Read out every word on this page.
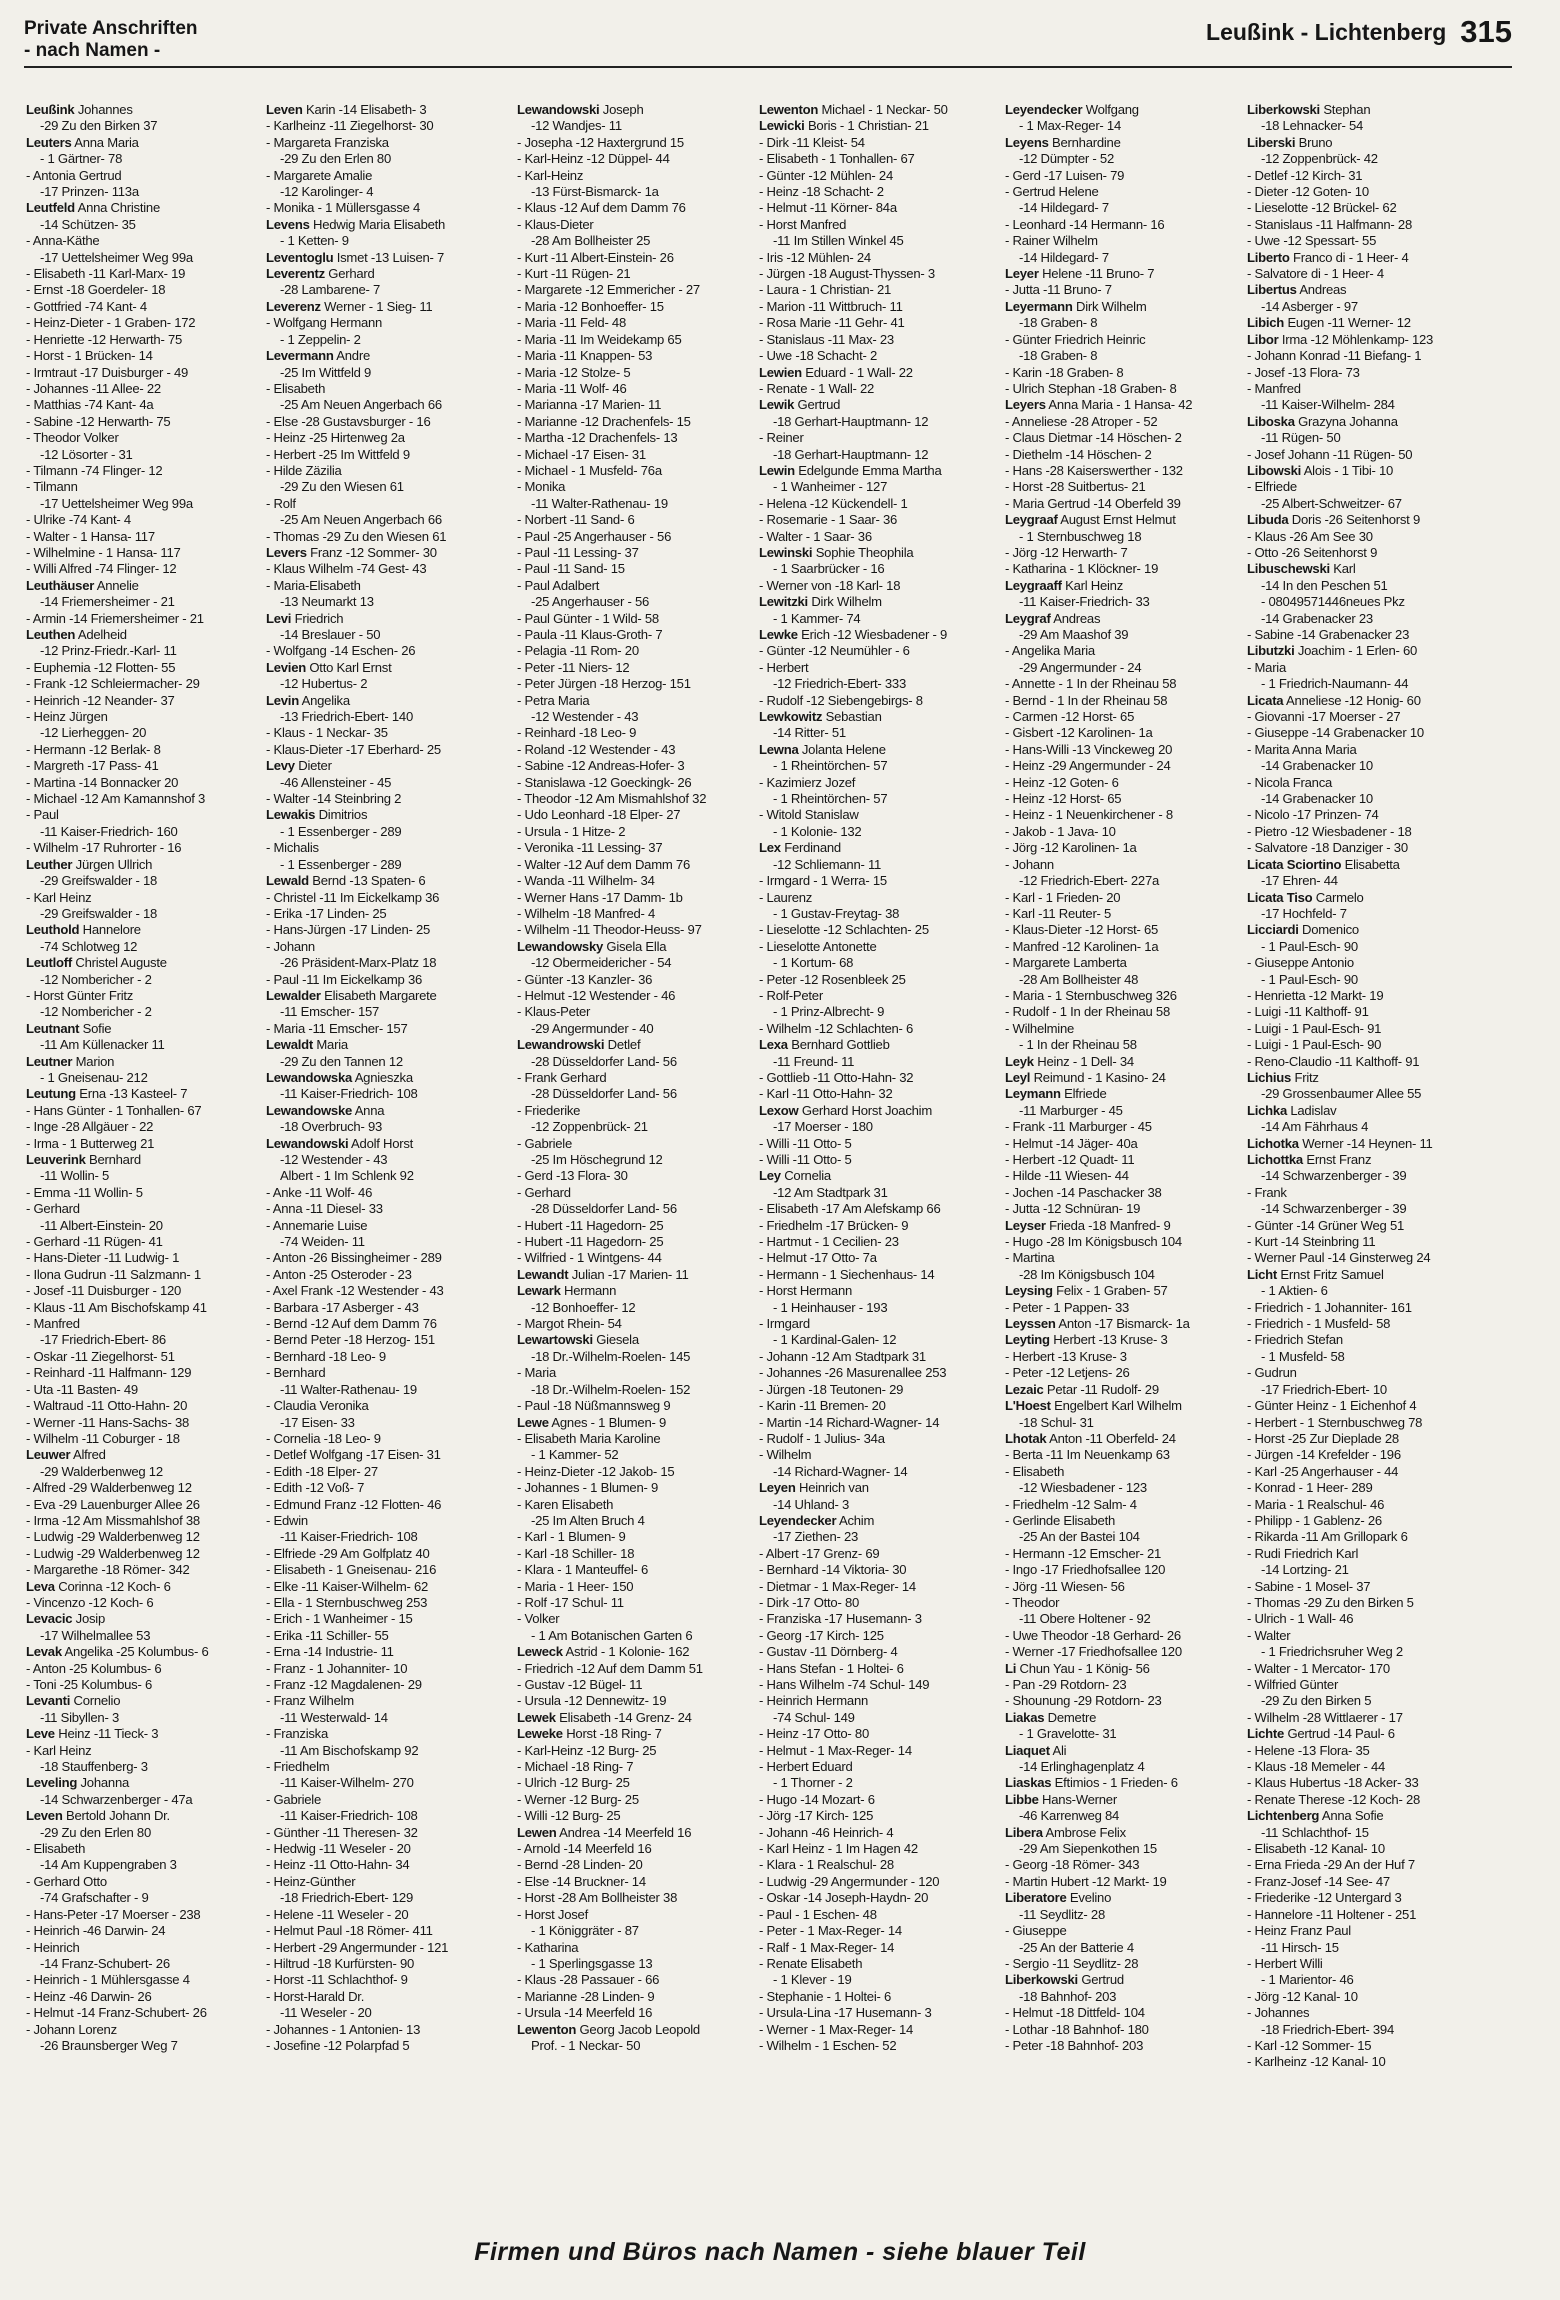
Private Anschriften
- nach Namen -
Leußink - Lichtenberg 315
Leußink Johannes
-29 Zu den Birken 37
Leuters Anna Maria
- 1 Gärtner- 78
- Antonia Gertrud
-17 Prinzen- 113a
Leutfeld Anna Christine
-14 Schützen- 35
- Anna-Käthe
-17 Uettelsheimer Weg 99a
- Elisabeth -11 Karl-Marx- 19
- Ernst -18 Goerdeler- 18
- Gottfried -74 Kant- 4
- Heinz-Dieter - 1 Graben- 172
- Henriette -12 Herwarth- 75
- Horst - 1 Brücken- 14
- Irmtraut -17 Duisburger - 49
- Johannes -11 Allee- 22
- Matthias -74 Kant- 4a
- Sabine -12 Herwarth- 75
- Theodor Volker
-12 Lösorter - 31
- Tilmann -74 Flinger- 12
- Tilmann
-17 Uettelsheimer Weg 99a
- Ulrike -74 Kant- 4
- Walter - 1 Hansa- 117
- Wilhelmine - 1 Hansa- 117
- Willi Alfred -74 Flinger- 12
Leuthäuser Annelie
-14 Friemersheimer - 21
- Armin -14 Friemersheimer - 21
Leuthen Adelheid
-12 Prinz-Friedr.-Karl- 11
- Euphemia -12 Flotten- 55
- Frank -12 Schleiermacher- 29
- Heinrich -12 Neander- 37
- Heinz Jürgen
-12 Lierheggen- 20
- Hermann -12 Berlak- 8
- Margreth -17 Pass- 41
- Martina -14 Bonnacker 20
- Michael -12 Am Kamannshof 3
- Paul
-11 Kaiser-Friedrich- 160
- Wilhelm -17 Ruhrorter - 16
Leuther Jürgen Ullrich
-29 Greifswalder - 18
- Karl Heinz
-29 Greifswalder - 18
Leuthold Hannelore
-74 Schlotweg 12
Leutloff Christel Auguste
-12 Nombericher - 2
- Horst Günter Fritz
-12 Nombericher - 2
Leutnant Sofie
-11 Am Küllenacker 11
Leutner Marion
- 1 Gneisenau- 212
Leutung Erna -13 Kasteel- 7
- Hans Günter - 1 Tonhallen- 67
- Inge -28 Allgäuer - 22
- Irma - 1 Butterweg 21
Leuverink Bernhard
-11 Wollin- 5
- Emma -11 Wollin- 5
- Gerhard
-11 Albert-Einstein- 20
- Gerhard -11 Rügen- 41
- Hans-Dieter -11 Ludwig- 1
- Ilona Gudrun -11 Salzmann- 1
- Josef -11 Duisburger - 120
- Klaus -11 Am Bischofskamp 41
- Manfred
-17 Friedrich-Ebert- 86
- Oskar -11 Ziegelhorst- 51
- Reinhard -11 Halfmann- 129
- Uta -11 Basten- 49
- Waltraud -11 Otto-Hahn- 20
- Werner -11 Hans-Sachs- 38
- Wilhelm -11 Coburger - 18
Leuwer Alfred
-29 Walderbenweg 12
- Alfred -29 Walderbenweg 12
- Eva -29 Lauenburger Allee 26
- Irma -12 Am Missmahlshof 38
- Ludwig -29 Walderbenweg 12
- Ludwig -29 Walderbenweg 12
- Margarethe -18 Römer- 342
Leva Corinna -12 Koch- 6
- Vincenzo -12 Koch- 6
Levacic Josip
-17 Wilhelmallee 53
Levak Angelika -25 Kolumbus- 6
- Anton -25 Kolumbus- 6
- Toni -25 Kolumbus- 6
Levanti Cornelio
-11 Sibyllen- 3
Leve Heinz -11 Tieck- 3
- Karl Heinz
-18 Stauffenberg- 3
Leveling Johanna
-14 Schwarzenberger - 47a
Leven Bertold Johann Dr.
-29 Zu den Erlen 80
- Elisabeth
-14 Am Kuppengraben 3
- Gerhard Otto
-74 Grafschafter - 9
- Hans-Peter -17 Moerser - 238
- Heinrich -46 Darwin- 24
- Heinrich
-14 Franz-Schubert- 26
- Heinrich - 1 Mühlersgasse 4
- Heinz -46 Darwin- 26
- Helmut -14 Franz-Schubert- 26
- Johann Lorenz
-26 Braunsberger Weg 7
Leven Karin -14 Elisabeth- 3
- Karlheinz -11 Ziegelhorst- 30
- Margareta Franziska
-29 Zu den Erlen 80
- Margarete Amalie
-12 Karolinger- 4
- Monika - 1 Müllersgasse 4
Levens Hedwig Maria Elisabeth
- 1 Ketten- 9
Leventoglu Ismet -13 Luisen- 7
Leverentz Gerhard
-28 Lambarene- 7
Leverenz Werner - 1 Sieg- 11
- Wolfgang Hermann
- 1 Zeppelin- 2
Levermann Andre
-25 Im Wittfeld 9
- Elisabeth
-25 Am Neuen Angerbach 66
- Else -28 Gustavsburger - 16
- Heinz -25 Hirtenweg 2a
- Herbert -25 Im Wittfeld 9
- Hilde Zäzilia
-29 Zu den Wiesen 61
- Rolf
-25 Am Neuen Angerbach 66
- Thomas -29 Zu den Wiesen 61
Levers Franz -12 Sommer- 30
- Klaus Wilhelm -74 Gest- 43
- Maria-Elisabeth
-13 Neumarkt 13
Levi Friedrich
-14 Breslauer - 50
- Wolfgang -14 Eschen- 26
Levien Otto Karl Ernst
-12 Hubertus- 2
Levin Angelika
-13 Friedrich-Ebert- 140
- Klaus - 1 Neckar- 35
- Klaus-Dieter -17 Eberhard- 25
Levy Dieter
-46 Allensteiner - 45
- Walter -14 Steinbring 2
Lewakis Dimitrios
- 1 Essenberger - 289
- Michalis
- 1 Essenberger - 289
Lewald Bernd -13 Spaten- 6
- Christel -11 Im Eickelkamp 36
- Erika -17 Linden- 25
- Hans-Jürgen -17 Linden- 25
- Johann
-26 Präsident-Marx-Platz 18
- Paul -11 Im Eickelkamp 36
Lewalder Elisabeth Margarete
-11 Emscher- 157
- Maria -11 Emscher- 157
Lewaldt Maria
-29 Zu den Tannen 12
Lewandowska Agnieszka
-11 Kaiser-Friedrich- 108
Lewandowske Anna
-18 Overbruch- 93
Lewandowski Adolf Horst
-12 Westender - 43
Albert - 1 Im Schlenk 92
- Anke -11 Wolf- 46
- Anna -11 Diesel- 33
- Annemarie Luise
-74 Weiden- 11
- Anton -26 Bissingheimer - 289
- Anton -25 Osteroder - 23
- Axel Frank -12 Westender - 43
- Barbara -17 Asberger - 43
- Bernd -12 Auf dem Damm 76
- Bernd Peter -18 Herzog- 151
- Bernhard -18 Leo- 9
- Bernhard
-11 Walter-Rathenau- 19
- Claudia Veronika
-17 Eisen- 33
- Cornelia -18 Leo- 9
- Detlef Wolfgang -17 Eisen- 31
- Edith -18 Elper- 27
- Edith -12 Voß- 7
- Edmund Franz -12 Flotten- 46
- Edwin
-11 Kaiser-Friedrich- 108
- Elfriede -29 Am Golfplatz 40
- Elisabeth - 1 Gneisenau- 216
- Elke -11 Kaiser-Wilhelm- 62
- Ella - 1 Sternbuschweg 253
- Erich - 1 Wanheimer - 15
- Erika -11 Schiller- 55
- Erna -14 Industrie- 11
- Franz - 1 Johanniter- 10
- Franz -12 Magdalenen- 29
- Franz Wilhelm
-11 Westerwald- 14
- Franziska
-11 Am Bischofskamp 92
- Friedhelm
-11 Kaiser-Wilhelm- 270
- Gabriele
-11 Kaiser-Friedrich- 108
- Günther -11 Theresen- 32
- Hedwig -11 Weseler - 20
- Heinz -11 Otto-Hahn- 34
- Heinz-Günther
-18 Friedrich-Ebert- 129
- Helene -11 Weseler - 20
- Helmut Paul -18 Römer- 411
- Herbert -29 Angermunder - 121
- Hiltrud -18 Kurfürsten- 90
- Horst -11 Schlachthof- 9
- Horst-Harald Dr.
-11 Weseler - 20
- Johannes - 1 Antonien- 13
- Josefine -12 Polarpfad 5
Lewandowski Joseph
-12 Wandjes- 11
- Josepha -12 Haxtergrund 15
- Karl-Heinz -12 Düppel- 44
- Karl-Heinz
-13 Fürst-Bismarck- 1a
- Klaus -12 Auf dem Damm 76
- Klaus-Dieter
-28 Am Bollheister 25
- Kurt -11 Albert-Einstein- 26
- Kurt -11 Rügen- 21
- Margarete -12 Emmericher - 27
- Maria -12 Bonhoeffer- 15
- Maria -11 Feld- 48
- Maria -11 Im Weidekamp 65
- Maria -11 Knappen- 53
- Maria -12 Stolze- 5
- Maria -11 Wolf- 46
- Marianna -17 Marien- 11
- Marianne -12 Drachenfels- 15
- Martha -12 Drachenfels- 13
- Michael -17 Eisen- 31
- Michael - 1 Musfeld- 76a
- Monika
-11 Walter-Rathenau- 19
- Norbert -11 Sand- 6
- Paul -25 Angerhauser - 56
- Paul -11 Lessing- 37
- Paul -11 Sand- 15
- Paul Adalbert
-25 Angerhauser - 56
- Paul Günter - 1 Wild- 58
- Paula -11 Klaus-Groth- 7
- Pelagia -11 Rom- 20
- Peter -11 Niers- 12
- Peter Jürgen -18 Herzog- 151
- Petra Maria
-12 Westender - 43
- Reinhard -18 Leo- 9
- Roland -12 Westender - 43
- Sabine -12 Andreas-Hofer- 3
- Stanislawa -12 Goeckingk- 26
- Theodor -12 Am Mismahlshof 32
- Udo Leonhard -18 Elper- 27
- Ursula - 1 Hitze- 2
- Veronika -11 Lessing- 37
- Walter -12 Auf dem Damm 76
- Wanda -11 Wilhelm- 34
- Werner Hans -17 Damm- 1b
- Wilhelm -18 Manfred- 4
- Wilhelm -11 Theodor-Heuss- 97
Lewandowsky Gisela Ella
-12 Obermeidericher - 54
- Günter -13 Kanzler- 36
- Helmut -12 Westender - 46
- Klaus-Peter
-29 Angermunder - 40
Lewandrowski Detlef
-28 Düsseldorfer Land- 56
- Frank Gerhard
-28 Düsseldorfer Land- 56
- Friederike
-12 Zoppenbrück- 21
- Gabriele
-25 Im Höschegrund 12
- Gerd -13 Flora- 30
- Gerhard
-28 Düsseldorfer Land- 56
- Hubert -11 Hagedorn- 25
- Hubert -11 Hagedorn- 25
- Wilfried - 1 Wintgens- 44
Lewandt Julian -17 Marien- 11
Lewark Hermann
-12 Bonhoeffer- 12
- Margot Rhein- 54
Lewartowski Giesela
-18 Dr.-Wilhelm-Roelen- 145
- Maria
-18 Dr.-Wilhelm-Roelen- 152
- Paul -18 Nüßmannsweg 9
Lewe Agnes - 1 Blumen- 9
- Elisabeth Maria Karoline
- 1 Kammer- 52
- Heinz-Dieter -12 Jakob- 15
- Johannes - 1 Blumen- 9
- Karen Elisabeth
-25 Im Alten Bruch 4
- Karl - 1 Blumen- 9
- Karl -18 Schiller- 18
- Klara - 1 Manteuffel- 6
- Maria - 1 Heer- 150
- Rolf -17 Schul- 11
- Volker
- 1 Am Botanischen Garten 6
Leweck Astrid - 1 Kolonie- 162
- Friedrich -12 Auf dem Damm 51
- Gustav -12 Bügel- 11
- Ursula -12 Dennewitz- 19
Lewek Elisabeth -14 Grenz- 24
Leweke Horst -18 Ring- 7
- Karl-Heinz -12 Burg- 25
- Michael -18 Ring- 7
- Ulrich -12 Burg- 25
- Werner -12 Burg- 25
- Willi -12 Burg- 25
Lewen Andrea -14 Meerfeld 16
- Arnold -14 Meerfeld 16
- Bernd -28 Linden- 20
- Else -14 Bruckner- 14
- Horst -28 Am Bollheister 38
- Horst Josef
- 1 Königgräter - 87
- Katharina
- 1 Sperlingsgasse 13
- Klaus -28 Passauer - 66
- Marianne -28 Linden- 9
- Ursula -14 Meerfeld 16
Lewenton Georg Jacob Leopold
Prof. - 1 Neckar- 50
Lewenton Michael - 1 Neckar- 50
Lewicki Boris - 1 Christian- 21
- Dirk -11 Kleist- 54
- Elisabeth - 1 Tonhallen- 67
- Günter -12 Mühlen- 24
- Heinz -18 Schacht- 2
- Helmut -11 Körner- 84a
- Horst Manfred
-11 Im Stillen Winkel 45
- Iris -12 Mühlen- 24
- Jürgen -18 August-Thyssen- 3
- Laura - 1 Christian- 21
- Marion -11 Wittbruch- 11
- Rosa Marie -11 Gehr- 41
- Stanislaus -11 Max- 23
- Uwe -18 Schacht- 2
Lewien Eduard - 1 Wall- 22
- Renate - 1 Wall- 22
Lewik Gertrud
-18 Gerhart-Hauptmann- 12
- Reiner
-18 Gerhart-Hauptmann- 12
Lewin Edelgunde Emma Martha
- 1 Wanheimer - 127
- Helena -12 Kückendell- 1
- Rosemarie - 1 Saar- 36
- Walter - 1 Saar- 36
Lewinski Sophie Theophila
- 1 Saarbrücker - 16
- Werner von -18 Karl- 18
Lewitzki Dirk Wilhelm
- 1 Kammer- 74
Lewke Erich -12 Wiesbadener - 9
- Günter -12 Neumühler - 6
- Herbert
-12 Friedrich-Ebert- 333
- Rudolf -12 Siebengebirgs- 8
Lewkowitz Sebastian
-14 Ritter- 51
Lewna Jolanta Helene
- 1 Rheintörchen- 57
- Kazimierz Jozef
- 1 Rheintörchen- 57
- Witold Stanislaw
- 1 Kolonie- 132
Lex Ferdinand
-12 Schliemann- 11
- Irmgard - 1 Werra- 15
- Laurenz
- 1 Gustav-Freytag- 38
- Lieselotte -12 Schlachten- 25
- Lieselotte Antonette
- 1 Kortum- 68
- Peter -12 Rosenbleek 25
- Rolf-Peter
- 1 Prinz-Albrecht- 9
- Wilhelm -12 Schlachten- 6
Lexa Bernhard Gottlieb
-11 Freund- 11
- Gottlieb -11 Otto-Hahn- 32
- Karl -11 Otto-Hahn- 32
Lexow Gerhard Horst Joachim
-17 Moerser - 180
- Willi -11 Otto- 5
- Willi -11 Otto- 5
Ley Cornelia
-12 Am Stadtpark 31
- Elisabeth -17 Am Alefskamp 66
- Friedhelm -17 Brücken- 9
- Hartmut - 1 Cecilien- 23
- Helmut -17 Otto- 7a
- Hermann - 1 Siechenhaus- 14
- Horst Hermann
- 1 Heinhauser - 193
- Irmgard
- 1 Kardinal-Galen- 12
- Johann -12 Am Stadtpark 31
- Johannes -26 Masurenallee 253
- Jürgen -18 Teutonen- 29
- Karin -11 Bremen- 20
- Martin -14 Richard-Wagner- 14
- Rudolf - 1 Julius- 34a
- Wilhelm
-14 Richard-Wagner- 14
Leyen Heinrich van
-14 Uhland- 3
Leyendecker Achim
-17 Ziethen- 23
- Albert -17 Grenz- 69
- Bernhard -14 Viktoria- 30
- Dietmar - 1 Max-Reger- 14
- Dirk -17 Otto- 80
- Franziska -17 Husemann- 3
- Georg -17 Kirch- 125
- Gustav -11 Dörnberg- 4
- Hans Stefan - 1 Holtei- 6
- Hans Wilhelm -74 Schul- 149
- Heinrich Hermann
-74 Schul- 149
- Heinz -17 Otto- 80
- Helmut - 1 Max-Reger- 14
- Herbert Eduard
- 1 Thorner - 2
- Hugo -14 Mozart- 6
- Jörg -17 Kirch- 125
- Johann -46 Heinrich- 4
- Karl Heinz - 1 Im Hagen 42
- Klara - 1 Realschul- 28
- Ludwig -29 Angermunder - 120
- Oskar -14 Joseph-Haydn- 20
- Paul - 1 Eschen- 48
- Peter - 1 Max-Reger- 14
- Ralf - 1 Max-Reger- 14
- Renate Elisabeth
- 1 Klever - 19
- Stephanie - 1 Holtei- 6
- Ursula-Lina -17 Husemann- 3
- Werner - 1 Max-Reger- 14
- Wilhelm - 1 Eschen- 52
Leyendecker Wolfgang
- 1 Max-Reger- 14
Leyens Bernhardine
-12 Dümpter - 52
- Gerd -17 Luisen- 79
- Gertrud Helene
-14 Hildegard- 7
- Leonhard -14 Hermann- 16
- Rainer Wilhelm
-14 Hildegard- 7
Leyer Helene -11 Bruno- 7
- Jutta -11 Bruno- 7
Leyermann Dirk Wilhelm
-18 Graben- 8
- Günter Friedrich Heinric
-18 Graben- 8
- Karin -18 Graben- 8
- Ulrich Stephan -18 Graben- 8
Leyers Anna Maria - 1 Hansa- 42
- Anneliese -28 Atroper - 52
- Claus Dietmar -14 Höschen- 2
- Diethelm -14 Höschen- 2
- Hans -28 Kaiserswerther - 132
- Horst -28 Suitbertus- 21
- Maria Gertrud -14 Oberfeld 39
Leygraaf August Ernst Helmut
- 1 Sternbuschweg 18
- Jörg -12 Herwarth- 7
- Katharina - 1 Klöckner- 19
Leygraaff Karl Heinz
-11 Kaiser-Friedrich- 33
Leygraf Andreas
-29 Am Maashof 39
- Angelika Maria
-29 Angermunder - 24
- Annette - 1 In der Rheinau 58
- Bernd - 1 In der Rheinau 58
- Carmen -12 Horst- 65
- Gisbert -12 Karolinen- 1a
- Hans-Willi -13 Vinckeweg 20
- Heinz -29 Angermunder - 24
- Heinz -12 Goten- 6
- Heinz -12 Horst- 65
- Heinz - 1 Neuenkirchener - 8
- Jakob - 1 Java- 10
- Jörg -12 Karolinen- 1a
- Johann
-12 Friedrich-Ebert- 227a
- Karl - 1 Frieden- 20
- Karl -11 Reuter- 5
- Klaus-Dieter -12 Horst- 65
- Manfred -12 Karolinen- 1a
- Margarete Lamberta
-28 Am Bollheister 48
- Maria - 1 Sternbuschweg 326
- Rudolf - 1 In der Rheinau 58
- Wilhelmine
- 1 In der Rheinau 58
Leyk Heinz - 1 Dell- 34
Leyl Reimund - 1 Kasino- 24
Leymann Elfriede
-11 Marburger - 45
- Frank -11 Marburger - 45
- Helmut -14 Jäger- 40a
- Herbert -12 Quadt- 11
- Hilde -11 Wiesen- 44
- Jochen -14 Paschacker 38
- Jutta -12 Schnüran- 19
Leyser Frieda -18 Manfred- 9
- Hugo -28 Im Königsbusch 104
- Martina
-28 Im Königsbusch 104
Leysing Felix - 1 Graben- 57
- Peter - 1 Pappen- 33
Leyssen Anton -17 Bismarck- 1a
Leyting Herbert -13 Kruse- 3
- Herbert -13 Kruse- 3
- Peter -12 Letjens- 26
Lezaic Petar -11 Rudolf- 29
L'Hoest Engelbert Karl Wilhelm
-18 Schul- 31
Lhotak Anton -11 Oberfeld- 24
- Berta -11 Im Neuenkamp 63
- Elisabeth
-12 Wiesbadener - 123
- Friedhelm -12 Salm- 4
- Gerlinde Elisabeth
-25 An der Bastei 104
- Hermann -12 Emscher- 21
- Ingo -17 Friedhofsallee 120
- Jörg -11 Wiesen- 56
- Theodor
-11 Obere Holtener - 92
- Uwe Theodor -18 Gerhard- 26
- Werner -17 Friedhofsallee 120
Li Chun Yau - 1 König- 56
- Pan -29 Rotdorn- 23
- Shounung -29 Rotdorn- 23
Liakas Demetre
- 1 Gravelotte- 31
Liaquet Ali
-14 Erlinghagenplatz 4
Liaskas Eftimios - 1 Frieden- 6
Libbe Hans-Werner
-46 Karrenweg 84
Libera Ambrose Felix
-29 Am Siepenkothen 15
- Georg -18 Römer- 343
- Martin Hubert -12 Markt- 19
Liberatore Evelino
-11 Seydlitz- 28
- Giuseppe
-25 An der Batterie 4
- Sergio -11 Seydlitz- 28
Liberkowski Gertrud
-18 Bahnhof- 203
- Helmut -18 Dittfeld- 104
- Lothar -18 Bahnhof- 180
- Peter -18 Bahnhof- 203
Liberkowski Stephan
-18 Lehnacker- 54
Liberski Bruno
-12 Zoppenbrück- 42
- Detlef -12 Kirch- 31
- Dieter -12 Goten- 10
- Lieselotte -12 Brückel- 62
- Stanislaus -11 Halfmann- 28
- Uwe -12 Spessart- 55
Liberto Franco di - 1 Heer- 4
- Salvatore di - 1 Heer- 4
Libertus Andreas
-14 Asberger - 97
Libich Eugen -11 Werner- 12
Libor Irma -12 Möhlenkamp- 123
- Johann Konrad -11 Biefang- 1
- Josef -13 Flora- 73
- Manfred
-11 Kaiser-Wilhelm- 284
Liboska Grazyna Johanna
-11 Rügen- 50
- Josef Johann -11 Rügen- 50
Libowski Alois - 1 Tibi- 10
- Elfriede
-25 Albert-Schweitzer- 67
Libuda Doris -26 Seitenhorst 9
- Klaus -26 Am See 30
- Otto -26 Seitenhorst 9
Libuschewski Karl
-14 In den Peschen 51
- 08049571446neues Pkz
-14 Grabenacker 23
- Sabine -14 Grabenacker 23
Libutzki Joachim - 1 Erlen- 60
- Maria
- 1 Friedrich-Naumann- 44
Licata Anneliese -12 Honig- 60
- Giovanni -17 Moerser - 27
- Giuseppe -14 Grabenacker 10
- Marita Anna Maria
-14 Grabenacker 10
- Nicola Franca
-14 Grabenacker 10
- Nicolo -17 Prinzen- 74
- Pietro -12 Wiesbadener - 18
- Salvatore -18 Danziger - 30
Licata Sciortino Elisabetta
-17 Ehren- 44
Licata Tiso Carmelo
-17 Hochfeld- 7
Licciardi Domenico
- 1 Paul-Esch- 90
- Giuseppe Antonio
- 1 Paul-Esch- 90
- Henrietta -12 Markt- 19
- Luigi -11 Kalthoff- 91
- Luigi - 1 Paul-Esch- 91
- Luigi - 1 Paul-Esch- 90
- Reno-Claudio -11 Kalthoff- 91
Lichius Fritz
-29 Grossenbaumer Allee 55
Lichka Ladislav
-14 Am Fährhaus 4
Lichotka Werner -14 Heynen- 11
Lichottka Ernst Franz
-14 Schwarzenberger - 39
- Frank
-14 Schwarzenberger - 39
- Günter -14 Grüner Weg 51
- Kurt -14 Steinbring 11
- Werner Paul -14 Ginsterweg 24
Licht Ernst Fritz Samuel
- 1 Aktien- 6
- Friedrich - 1 Johanniter- 161
- Friedrich - 1 Musfeld- 58
- Friedrich Stefan
- 1 Musfeld- 58
- Gudrun
-17 Friedrich-Ebert- 10
- Günter Heinz - 1 Eichenhof 4
- Herbert - 1 Sternbuschweg 78
- Horst -25 Zur Dieplade 28
- Jürgen -14 Krefelder - 196
- Karl -25 Angerhauser - 44
- Konrad - 1 Heer- 289
- Maria - 1 Realschul- 46
- Philipp - 1 Gablenz- 26
- Rikarda -11 Am Grillopark 6
- Rudi Friedrich Karl
-14 Lortzing- 21
- Sabine - 1 Mosel- 37
- Thomas -29 Zu den Birken 5
- Ulrich - 1 Wall- 46
- Walter
- 1 Friedrichsruher Weg 2
- Walter - 1 Mercator- 170
- Wilfried Günter
-29 Zu den Birken 5
- Wilhelm -28 Wittlaerer - 17
Lichte Gertrud -14 Paul- 6
- Helene -13 Flora- 35
- Klaus -18 Memeler - 44
- Klaus Hubertus -18 Acker- 33
- Renate Therese -12 Koch- 28
Lichtenberg Anna Sofie
-11 Schlachthof- 15
- Elisabeth -12 Kanal- 10
- Erna Frieda -29 An der Huf 7
- Franz-Josef -14 See- 47
- Friederike -12 Untergard 3
- Hannelore -11 Holtener - 251
- Heinz Franz Paul
-11 Hirsch- 15
- Herbert Willi
- 1 Marientor- 46
- Jörg -12 Kanal- 10
- Johannes
-18 Friedrich-Ebert- 394
- Karl -12 Sommer- 15
- Karlheinz -12 Kanal- 10
Firmen und Büros nach Namen - siehe blauer Teil
